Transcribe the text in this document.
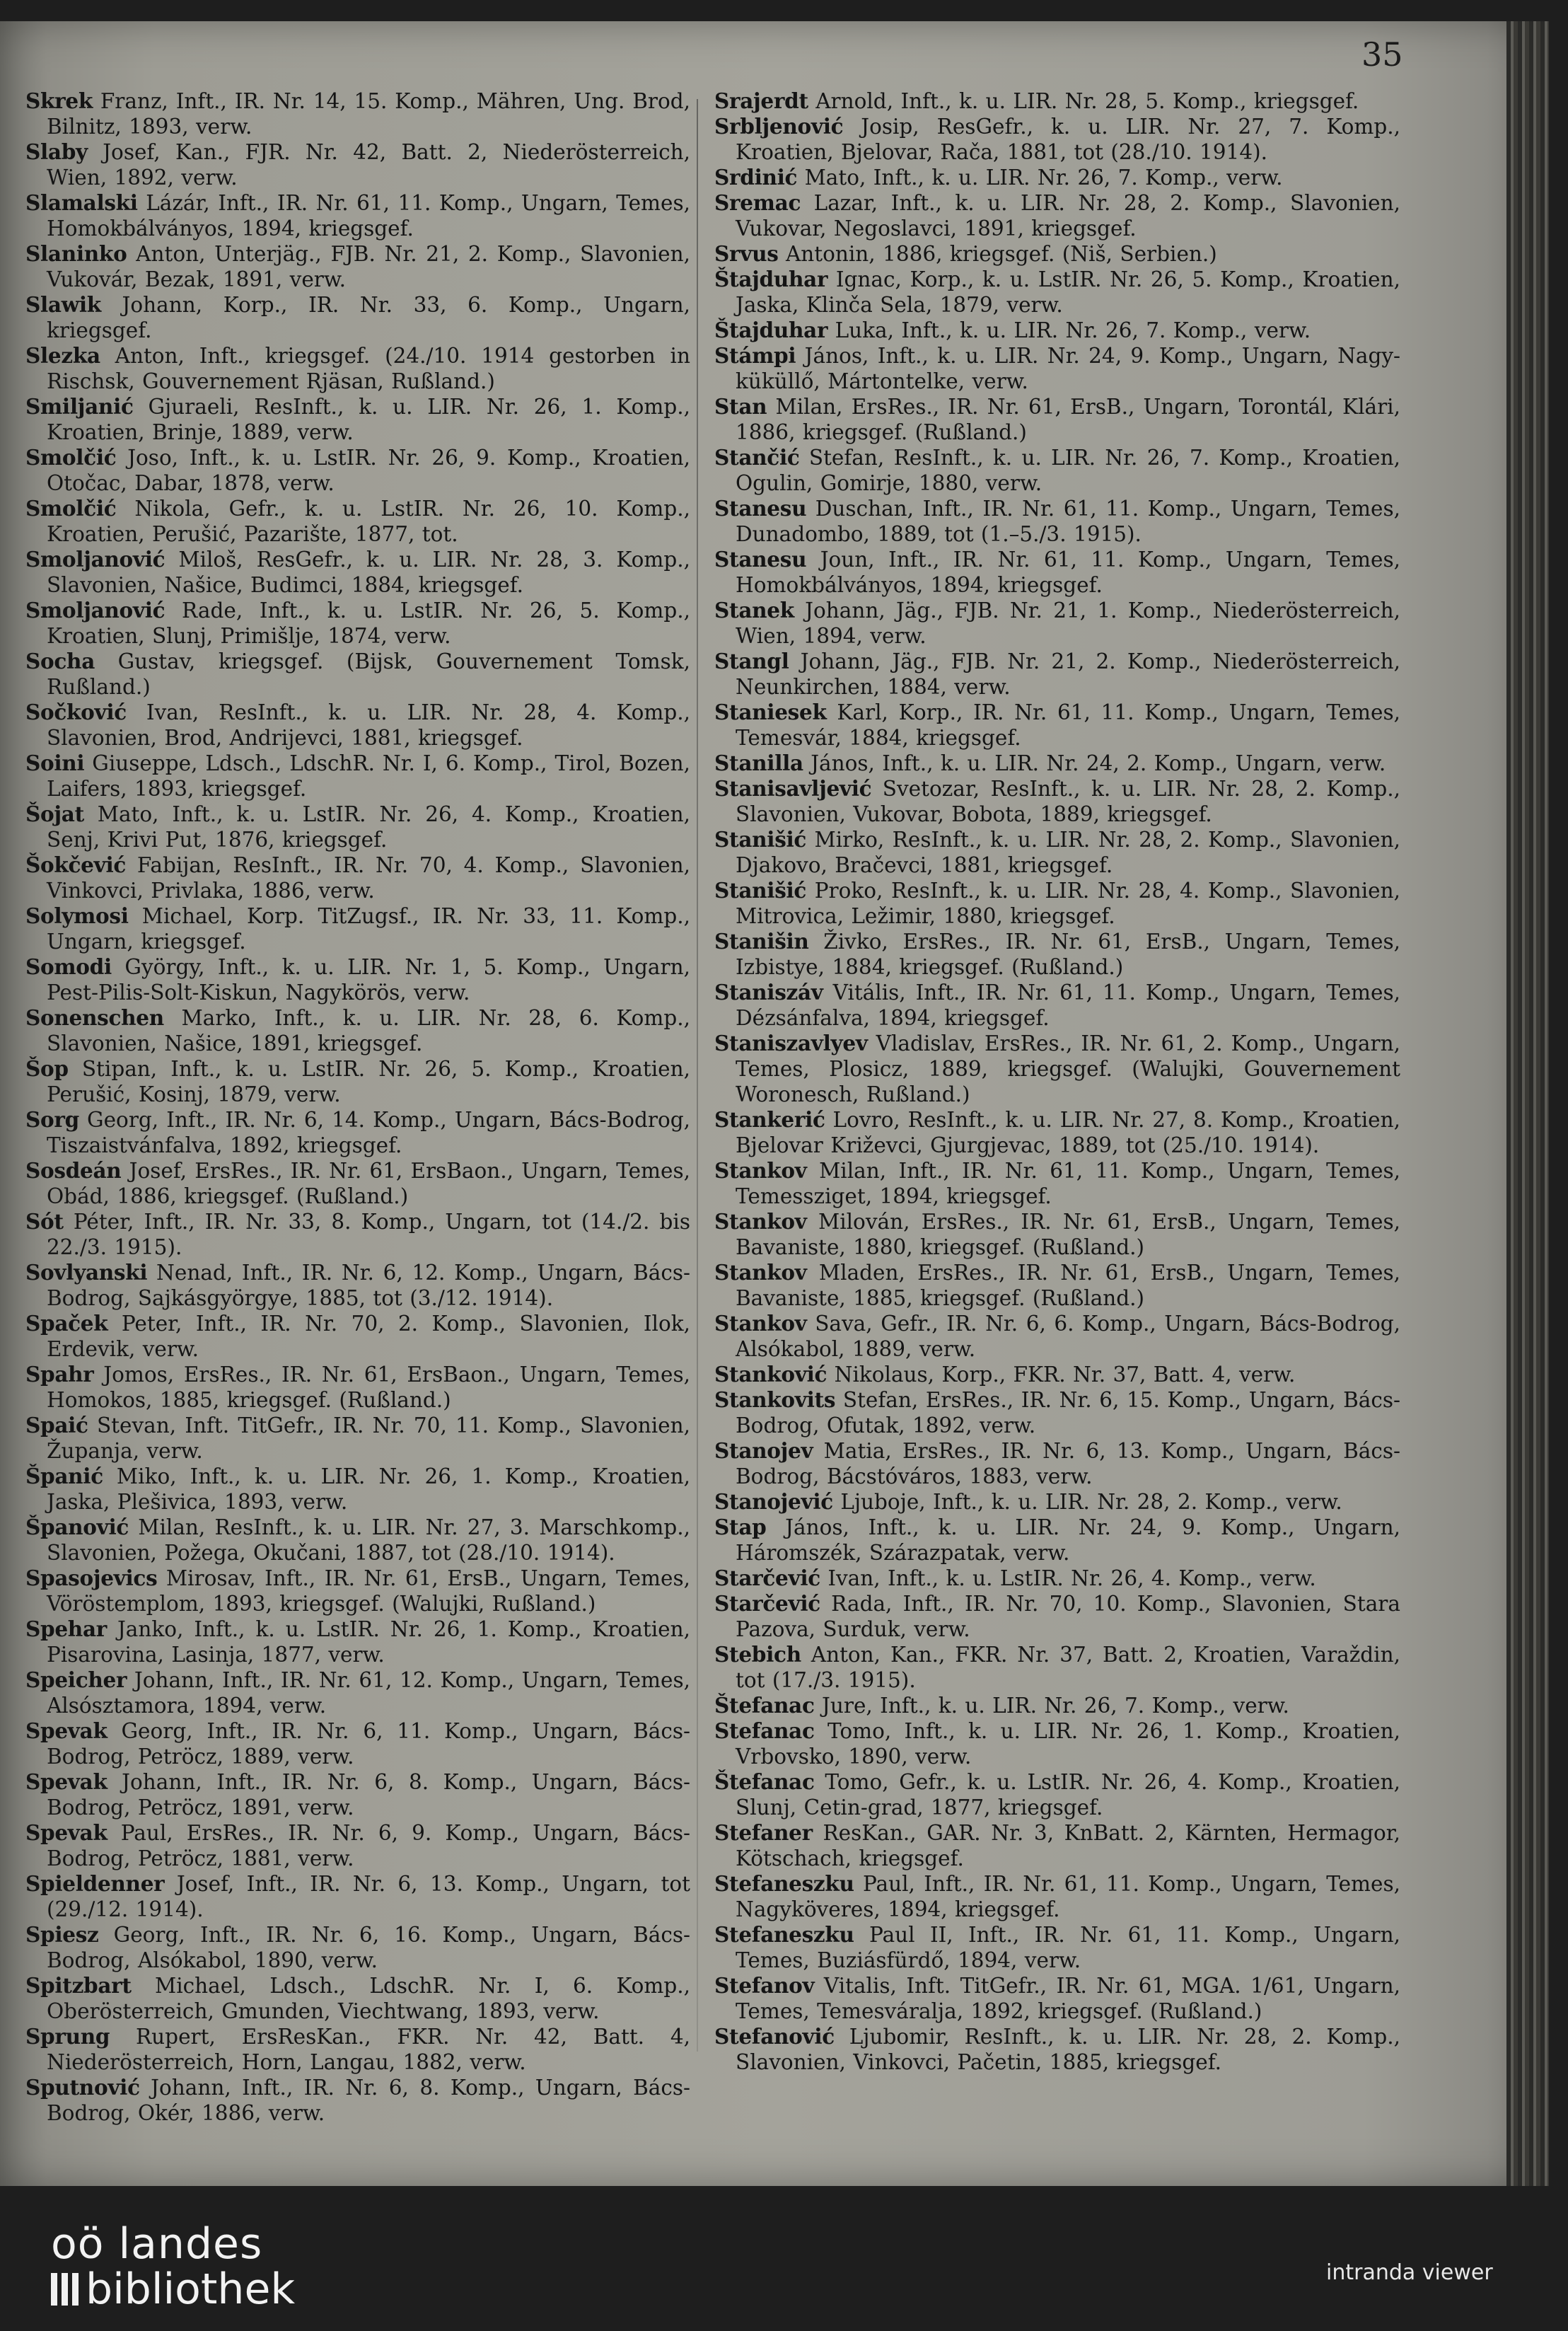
35

Skrek Franz, Inft., IR. Nr. 14, 15. Komp., Mähren, Ung. Brod, Bilnitz, 1893, verw.

Slaby Josef, Kan., FJR. Nr. 42, Batt. 2, Niederösterreich, Wien, 1892, verw.

Slamalski Lázár, Inft., IR. Nr. 61, 11. Komp., Ungarn, Temes, Homokbálványos, 1894, kriegsgef.

Slaninko Anton, Unterjäg., FJB. Nr. 21, 2. Komp., Slavonien, Vukovár, Bezak, 1891, verw.

Slawik Johann, Korp., IR. Nr. 33, 6. Komp., Ungarn, kriegsgef.

Slezka Anton, Inft., kriegsgef. (24./10. 1914 gestorben in Rischsk, Gouvernement Rjäsan, Rußland.)

Smiljanić Gjuraeli, ResInft., k. u. LIR. Nr. 26, 1. Komp., Kroatien, Brinje, 1889, verw.

Smolčić Joso, Inft., k. u. LstIR. Nr. 26, 9. Komp., Kroatien, Otočac, Dabar, 1878, verw.

Smolčić Nikola, Gefr., k. u. LstIR. Nr. 26, 10. Komp., Kroatien, Perušić, Pazarište, 1877, tot.

Smoljanović Miloš, ResGefr., k. u. LIR. Nr. 28, 3. Komp., Slavonien, Našice, Budimci, 1884, kriegsgef.

Smoljanović Rade, Inft., k. u. LstIR. Nr. 26, 5. Komp., Kroatien, Slunj, Primišlje, 1874, verw.

Socha Gustav, kriegsgef. (Bijsk, Gouvernement Tomsk, Rußland.)

Sočković Ivan, ResInft., k. u. LIR. Nr. 28, 4. Komp., Slavonien, Brod, Andrijevci, 1881, kriegsgef.

Soini Giuseppe, Ldsch., LdschR. Nr. I, 6. Komp., Tirol, Bozen, Laifers, 1893, kriegsgef.

Šojat Mato, Inft., k. u. LstIR. Nr. 26, 4. Komp., Kroatien, Senj, Krivi Put, 1876, kriegsgef.

Šokčević Fabijan, ResInft., IR. Nr. 70, 4. Komp., Slavonien, Vinkovci, Privlaka, 1886, verw.

Solymosi Michael, Korp. TitZugsf., IR. Nr. 33, 11. Komp., Ungarn, kriegsgef.

Somodi György, Inft., k. u. LIR. Nr. 1, 5. Komp., Ungarn, Pest-Pilis-Solt-Kiskun, Nagykörös, verw.

Sonenschen Marko, Inft., k. u. LIR. Nr. 28, 6. Komp., Slavonien, Našice, 1891, kriegsgef.

Šop Stipan, Inft., k. u. LstIR. Nr. 26, 5. Komp., Kroatien, Perušić, Kosinj, 1879, verw.

Sorg Georg, Inft., IR. Nr. 6, 14. Komp., Ungarn, Bács-Bodrog, Tiszaistvánfalva, 1892, kriegsgef.

Sosdeán Josef, ErsRes., IR. Nr. 61, ErsBaon., Ungarn, Temes, Obád, 1886, kriegsgef. (Rußland.)

Sót Péter, Inft., IR. Nr. 33, 8. Komp., Ungarn, tot (14./2. bis 22./3. 1915).

Sovlyanski Nenad, Inft., IR. Nr. 6, 12. Komp., Ungarn, Bács-Bodrog, Sajkásgyörgye, 1885, tot (3./12. 1914).

Spaček Peter, Inft., IR. Nr. 70, 2. Komp., Slavonien, Ilok, Erdevik, verw.

Spahr Jomos, ErsRes., IR. Nr. 61, ErsBaon., Ungarn, Temes, Homokos, 1885, kriegsgef. (Rußland.)

Spaić Stevan, Inft. TitGefr., IR. Nr. 70, 11. Komp., Slavonien, Županja, verw.

Španić Miko, Inft., k. u. LIR. Nr. 26, 1. Komp., Kroatien, Jaska, Plešivica, 1893, verw.

Španović Milan, ResInft., k. u. LIR. Nr. 27, 3. Marschkomp., Slavonien, Požega, Okučani, 1887, tot (28./10. 1914).

Spasojevics Mirosav, Inft., IR. Nr. 61, ErsB., Ungarn, Temes, Vöröstemplom, 1893, kriegsgef. (Walujki, Rußland.)

Spehar Janko, Inft., k. u. LstIR. Nr. 26, 1. Komp., Kroatien, Pisarovina, Lasinja, 1877, verw.

Speicher Johann, Inft., IR. Nr. 61, 12. Komp., Ungarn, Temes, Alsósztamora, 1894, verw.

Spevak Georg, Inft., IR. Nr. 6, 11. Komp., Ungarn, Bács-Bodrog, Petröcz, 1889, verw.

Spevak Johann, Inft., IR. Nr. 6, 8. Komp., Ungarn, Bács-Bodrog, Petröcz, 1891, verw.

Spevak Paul, ErsRes., IR. Nr. 6, 9. Komp., Ungarn, Bács-Bodrog, Petröcz, 1881, verw.

Spieldenner Josef, Inft., IR. Nr. 6, 13. Komp., Ungarn, tot (29./12. 1914).

Spiesz Georg, Inft., IR. Nr. 6, 16. Komp., Ungarn, Bács-Bodrog, Alsókabol, 1890, verw.

Spitzbart Michael, Ldsch., LdschR. Nr. I, 6. Komp., Oberösterreich, Gmunden, Viechtwang, 1893, verw.

Sprung Rupert, ErsResKan., FKR. Nr. 42, Batt. 4, Niederösterreich, Horn, Langau, 1882, verw.

Sputnović Johann, Inft., IR. Nr. 6, 8. Komp., Ungarn, Bács-Bodrog, Okér, 1886, verw.

Srajerdt Arnold, Inft., k. u. LIR. Nr. 28, 5. Komp., kriegsgef.

Srbljenović Josip, ResGefr., k. u. LIR. Nr. 27, 7. Komp., Kroatien, Bjelovar, Rača, 1881, tot (28./10. 1914).

Srdinić Mato, Inft., k. u. LIR. Nr. 26, 7. Komp., verw.

Sremac Lazar, Inft., k. u. LIR. Nr. 28, 2. Komp., Slavonien, Vukovar, Negoslavci, 1891, kriegsgef.

Srvus Antonin, 1886, kriegsgef. (Niš, Serbien.)

Štajduhar Ignac, Korp., k. u. LstIR. Nr. 26, 5. Komp., Kroatien, Jaska, Klinča Sela, 1879, verw.

Štajduhar Luka, Inft., k. u. LIR. Nr. 26, 7. Komp., verw.

Stámpi János, Inft., k. u. LIR. Nr. 24, 9. Komp., Ungarn, Nagy-küküllő, Mártontelke, verw.

Stan Milan, ErsRes., IR. Nr. 61, ErsB., Ungarn, Torontál, Klári, 1886, kriegsgef. (Rußland.)

Stančić Stefan, ResInft., k. u. LIR. Nr. 26, 7. Komp., Kroatien, Ogulin, Gomirje, 1880, verw.

Stanesu Duschan, Inft., IR. Nr. 61, 11. Komp., Ungarn, Temes, Dunadombo, 1889, tot (1.–5./3. 1915).

Stanesu Joun, Inft., IR. Nr. 61, 11. Komp., Ungarn, Temes, Homokbálványos, 1894, kriegsgef.

Stanek Johann, Jäg., FJB. Nr. 21, 1. Komp., Niederösterreich, Wien, 1894, verw.

Stangl Johann, Jäg., FJB. Nr. 21, 2. Komp., Niederösterreich, Neunkirchen, 1884, verw.

Staniesek Karl, Korp., IR. Nr. 61, 11. Komp., Ungarn, Temes, Temesvár, 1884, kriegsgef.

Stanilla János, Inft., k. u. LIR. Nr. 24, 2. Komp., Ungarn, verw.

Stanisavljević Svetozar, ResInft., k. u. LIR. Nr. 28, 2. Komp., Slavonien, Vukovar, Bobota, 1889, kriegsgef.

Stanišić Mirko, ResInft., k. u. LIR. Nr. 28, 2. Komp., Slavonien, Djakovo, Bračevci, 1881, kriegsgef.

Stanišić Proko, ResInft., k. u. LIR. Nr. 28, 4. Komp., Slavonien, Mitrovica, Ležimir, 1880, kriegsgef.

Stanišin Živko, ErsRes., IR. Nr. 61, ErsB., Ungarn, Temes, Izbistye, 1884, kriegsgef. (Rußland.)

Staniszáv Vitális, Inft., IR. Nr. 61, 11. Komp., Ungarn, Temes, Dézsánfalva, 1894, kriegsgef.

Staniszavlyev Vladislav, ErsRes., IR. Nr. 61, 2. Komp., Ungarn, Temes, Plosicz, 1889, kriegsgef. (Walujki, Gouvernement Woronesch, Rußland.)

Stankerić Lovro, ResInft., k. u. LIR. Nr. 27, 8. Komp., Kroatien, Bjelovar Križevci, Gjurgjevac, 1889, tot (25./10. 1914).

Stankov Milan, Inft., IR. Nr. 61, 11. Komp., Ungarn, Temes, Temessziget, 1894, kriegsgef.

Stankov Milován, ErsRes., IR. Nr. 61, ErsB., Ungarn, Temes, Bavaniste, 1880, kriegsgef. (Rußland.)

Stankov Mladen, ErsRes., IR. Nr. 61, ErsB., Ungarn, Temes, Bavaniste, 1885, kriegsgef. (Rußland.)

Stankov Sava, Gefr., IR. Nr. 6, 6. Komp., Ungarn, Bács-Bodrog, Alsókabol, 1889, verw.

Stanković Nikolaus, Korp., FKR. Nr. 37, Batt. 4, verw.

Stankovits Stefan, ErsRes., IR. Nr. 6, 15. Komp., Ungarn, Bács-Bodrog, Ofutak, 1892, verw.

Stanojev Matia, ErsRes., IR. Nr. 6, 13. Komp., Ungarn, Bács-Bodrog, Bácstóváros, 1883, verw.

Stanojević Ljuboje, Inft., k. u. LIR. Nr. 28, 2. Komp., verw.

Stap János, Inft., k. u. LIR. Nr. 24, 9. Komp., Ungarn, Háromszék, Szárazpatak, verw.

Starčević Ivan, Inft., k. u. LstIR. Nr. 26, 4. Komp., verw.

Starčević Rada, Inft., IR. Nr. 70, 10. Komp., Slavonien, Stara Pazova, Surduk, verw.

Stebich Anton, Kan., FKR. Nr. 37, Batt. 2, Kroatien, Varaždin, tot (17./3. 1915).

Štefanac Jure, Inft., k. u. LIR. Nr. 26, 7. Komp., verw.

Stefanac Tomo, Inft., k. u. LIR. Nr. 26, 1. Komp., Kroatien, Vrbovsko, 1890, verw.

Štefanac Tomo, Gefr., k. u. LstIR. Nr. 26, 4. Komp., Kroatien, Slunj, Cetin-grad, 1877, kriegsgef.

Stefaner ResKan., GAR. Nr. 3, KnBatt. 2, Kärnten, Hermagor, Kötschach, kriegsgef.

Stefaneszku Paul, Inft., IR. Nr. 61, 11. Komp., Ungarn, Temes, Nagyköveres, 1894, kriegsgef.

Stefaneszku Paul II, Inft., IR. Nr. 61, 11. Komp., Ungarn, Temes, Buziásfürdő, 1894, verw.

Stefanov Vitalis, Inft. TitGefr., IR. Nr. 61, MGA. 1/61, Ungarn, Temes, Temesváralja, 1892, kriegsgef. (Rußland.)

Stefanović Ljubomir, ResInft., k. u. LIR. Nr. 28, 2. Komp., Slavonien, Vinkovci, Pačetin, 1885, kriegsgef.

oö landes
bibliothek	intranda viewer
